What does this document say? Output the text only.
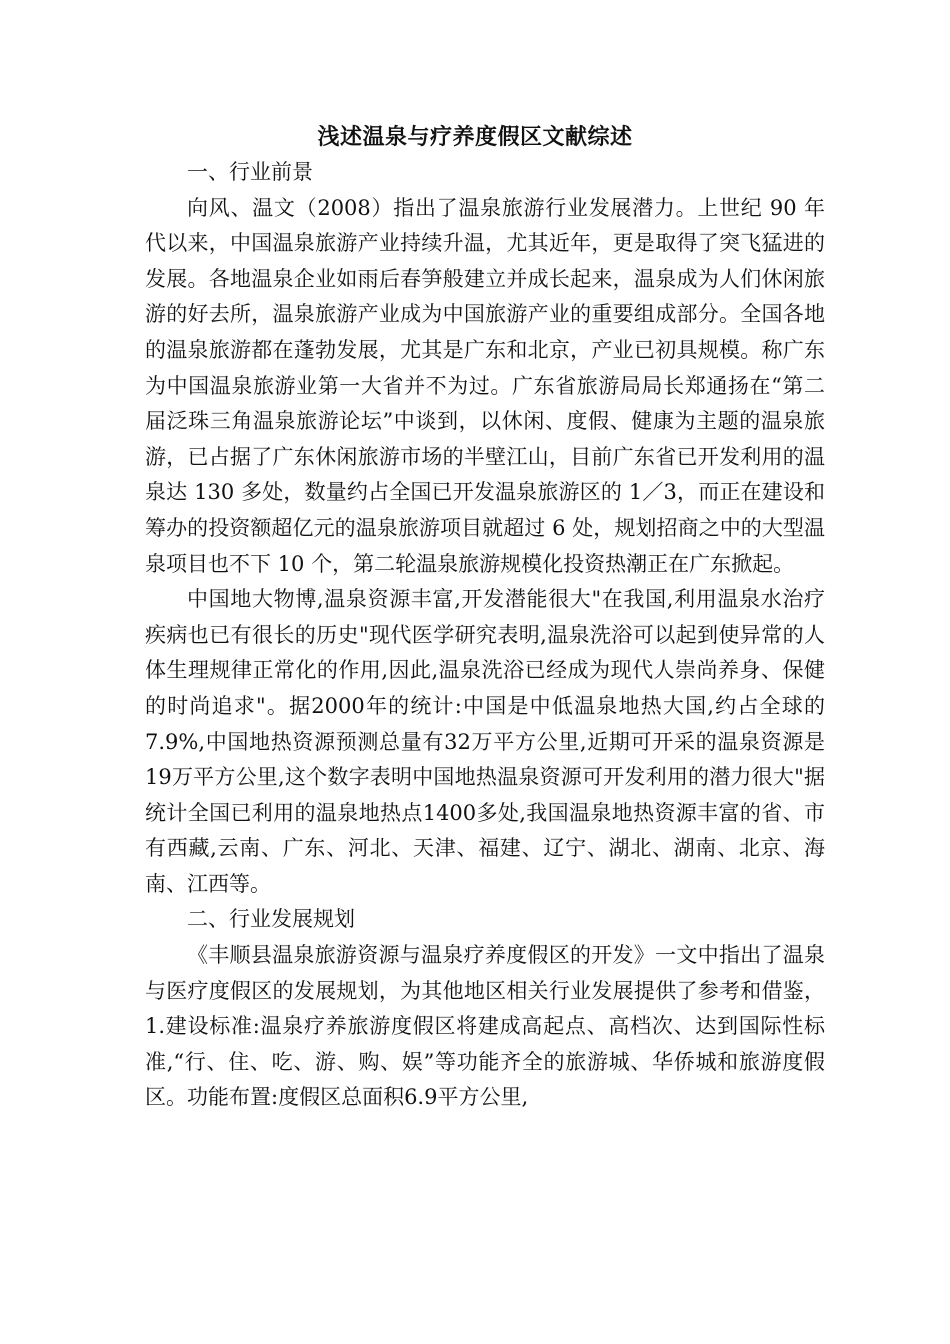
浅述温泉与疗养度假区文献综述
一、行业前景

向风、温文（2008）指出了温泉旅游行业发展潜力。上世纪 90 年代以来，中国温泉旅游产业持续升温，尤其近年，更是取得了突飞猛进的发展。各地温泉企业如雨后春笋般建立并成长起来，温泉成为人们休闲旅游的好去所，温泉旅游产业成为中国旅游产业的重要组成部分。全国各地的温泉旅游都在蓬勃发展，尤其是广东和北京，产业已初具规模。称广东为中国温泉旅游业第一大省并不为过。广东省旅游局局长郑通扬在“第二届泛珠三角温泉旅游论坛”中谈到，以休闲、度假、健康为主题的温泉旅游，已占据了广东休闲旅游市场的半壁江山，目前广东省已开发利用的温泉达 130 多处，数量约占全国已开发温泉旅游区的 1／3，而正在建设和筹办的投资额超亿元的温泉旅游项目就超过 6 处，规划招商之中的大型温泉项目也不下 10 个，第二轮温泉旅游规模化投资热潮正在广东掀起。

中国地大物博,温泉资源丰富,开发潜能很大"在我国,利用温泉水治疗疾病也已有很长的历史"现代医学研究表明,温泉洗浴可以起到使异常的人体生理规律正常化的作用,因此,温泉洗浴已经成为现代人崇尚养身、保健的时尚追求"。据2000年的统计:中国是中低温泉地热大国,约占全球的7.9%,中国地热资源预测总量有32万平方公里,近期可开采的温泉资源是19万平方公里,这个数字表明中国地热温泉资源可开发利用的潜力很大"据统计全国已利用的温泉地热点1400多处,我国温泉地热资源丰富的省、市有西藏,云南、广东、河北、天津、福建、辽宁、湖北、湖南、北京、海南、江西等。

二、行业发展规划

《丰顺县温泉旅游资源与温泉疗养度假区的开发》一文中指出了温泉与医疗度假区的发展规划，为其他地区相关行业发展提供了参考和借鉴，1.建设标准:温泉疗养旅游度假区将建成高起点、高档次、达到国际性标准,“行、住、吃、游、购、娱”等功能齐全的旅游城、华侨城和旅游度假区。功能布置:度假区总面积6.9平方公里,
